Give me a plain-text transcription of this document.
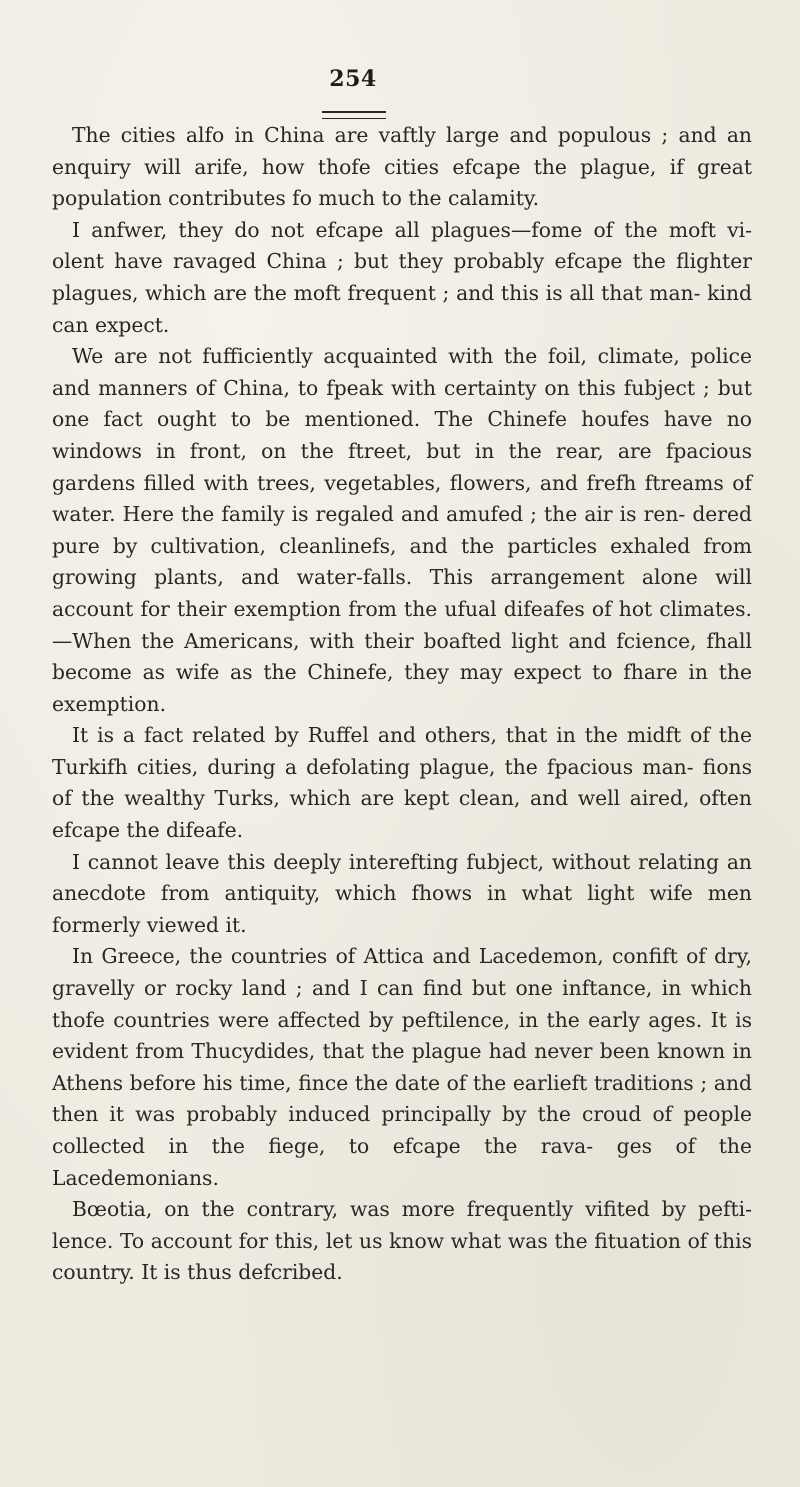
254

The cities alfo in China are vaftly large and populous ; and an enquiry will arife, how thofe cities efcape the plague, if great population contributes fo much to the calamity.

I anfwer, they do not efcape all plagues—fome of the moft vi- olent have ravaged China ; but they probably efcape the flighter plagues, which are the moft frequent ; and this is all that man- kind can expect.

We are not fufficiently acquainted with the foil, climate, police and manners of China, to fpeak with certainty on this fubject ; but one fact ought to be mentioned. The Chinefe houfes have no windows in front, on the ftreet, but in the rear, are fpacious gardens filled with trees, vegetables, flowers, and frefh ftreams of water. Here the family is regaled and amufed ; the air is ren- dered pure by cultivation, cleanlinefs, and the particles exhaled from growing plants, and water-falls. This arrangement alone will account for their exemption from the ufual difeafes of hot climates.—When the Americans, with their boafted light and fcience, fhall become as wife as the Chinefe, they may expect to fhare in the exemption.

It is a fact related by Ruffel and others, that in the midft of the Turkifh cities, during a defolating plague, the fpacious man- fions of the wealthy Turks, which are kept clean, and well aired, often efcape the difeafe.

I cannot leave this deeply interefting fubject, without relating an anecdote from antiquity, which fhows in what light wife men formerly viewed it.

In Greece, the countries of Attica and Lacedemon, confift of dry, gravelly or rocky land ; and I can find but one inftance, in which thofe countries were affected by peftilence, in the early ages. It is evident from Thucydides, that the plague had never been known in Athens before his time, fince the date of the earlieft traditions ; and then it was probably induced principally by the croud of people collected in the fiege, to efcape the rava- ges of the Lacedemonians.

Bœotia, on the contrary, was more frequently vifited by pefti- lence. To account for this, let us know what was the fituation of this country. It is thus defcribed.
